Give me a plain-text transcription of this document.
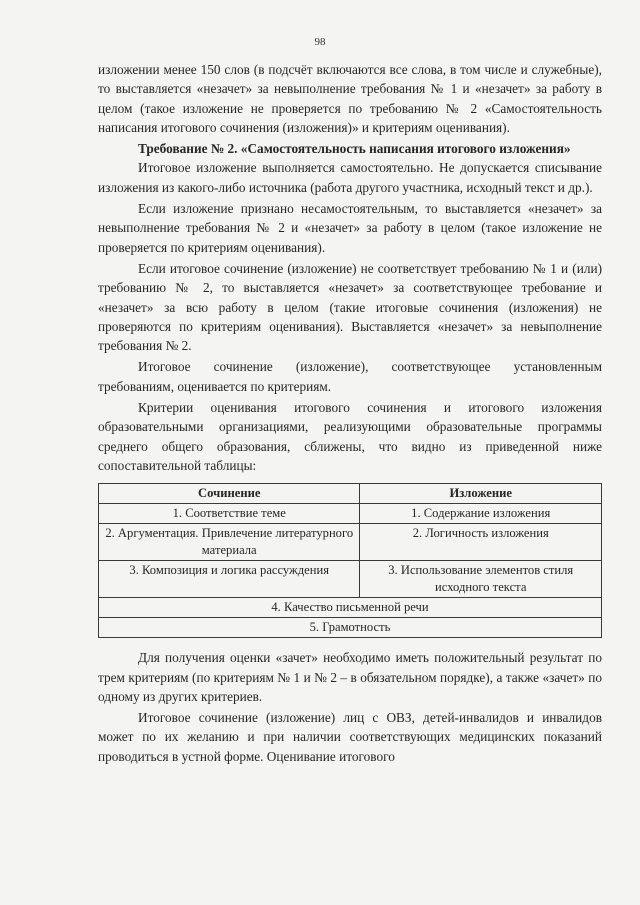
98

изложении менее 150 слов (в подсчёт включаются все слова, в том числе и служебные), то выставляется «незачет» за невыполнение требования № 1 и «незачет» за работу в целом (такое изложение не проверяется по требованию № 2 «Самостоятельность написания итогового сочинения (изложения)» и критериям оценивания).

Требование № 2. «Самостоятельность написания итогового изложения»

Итоговое изложение выполняется самостоятельно. Не допускается списывание изложения из какого-либо источника (работа другого участника, исходный текст и др.).

Если изложение признано несамостоятельным, то выставляется «незачет» за невыполнение требования № 2 и «незачет» за работу в целом (такое изложение не проверяется по критериям оценивания).

Если итоговое сочинение (изложение) не соответствует требованию № 1 и (или) требованию № 2, то выставляется «незачет» за соответствующее требование и «незачет» за всю работу в целом (такие итоговые сочинения (изложения) не проверяются по критериям оценивания). Выставляется «незачет» за невыполнение требования № 2.

Итоговое сочинение (изложение), соответствующее установленным требованиям, оценивается по критериям.

Критерии оценивания итогового сочинения и итогового изложения образовательными организациями, реализующими образовательные программы среднего общего образования, сближены, что видно из приведенной ниже сопоставительной таблицы:

Сочинение	Изложение
1. Соответствие теме	1. Содержание изложения
2. Аргументация. Привлечение литературного материала	2. Логичность изложения
3. Композиция и логика рассуждения	3. Использование элементов стиля исходного текста
4. Качество письменной речи	
5. Грамотность	

Для получения оценки «зачет» необходимо иметь положительный результат по трем критериям (по критериям № 1 и № 2 – в обязательном порядке), а также «зачет» по одному из других критериев.

Итоговое сочинение (изложение) лиц с ОВЗ, детей-инвалидов и инвалидов может по их желанию и при наличии соответствующих медицинских показаний проводиться в устной форме. Оценивание итогового
